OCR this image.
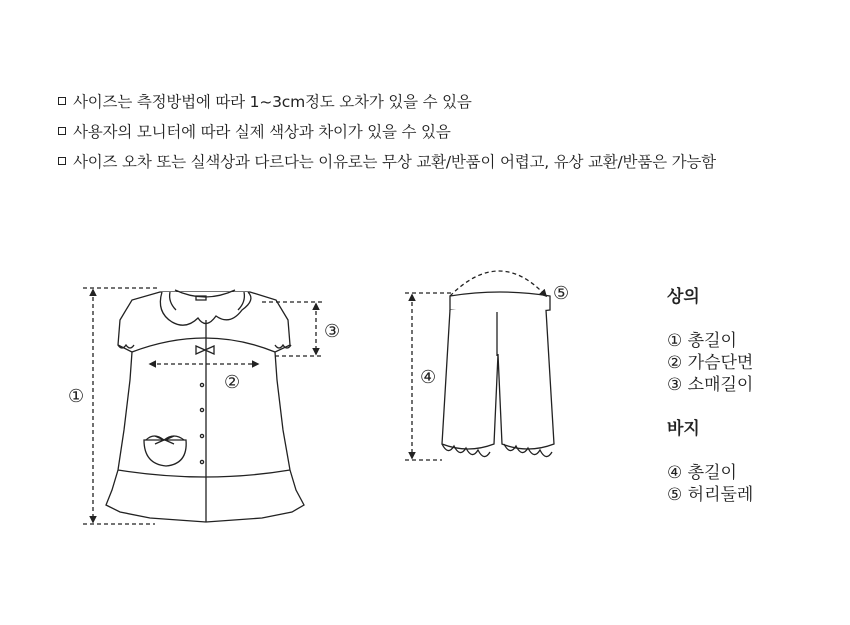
사이즈는 측정방법에 따라 1~3cm정도 오차가 있을 수 있음
사용자의 모니터에 따라 실제 색상과 차이가 있을 수 있음
사이즈 오차 또는 실색상과 다르다는 이유로는 무상 교환/반품이 어렵고, 유상 교환/반품은 가능함
①
②
③
④
⑤	상의
① 총길이
② 가슴단면
③ 소매길이
바지
④ 총길이
⑤ 허리둘레
